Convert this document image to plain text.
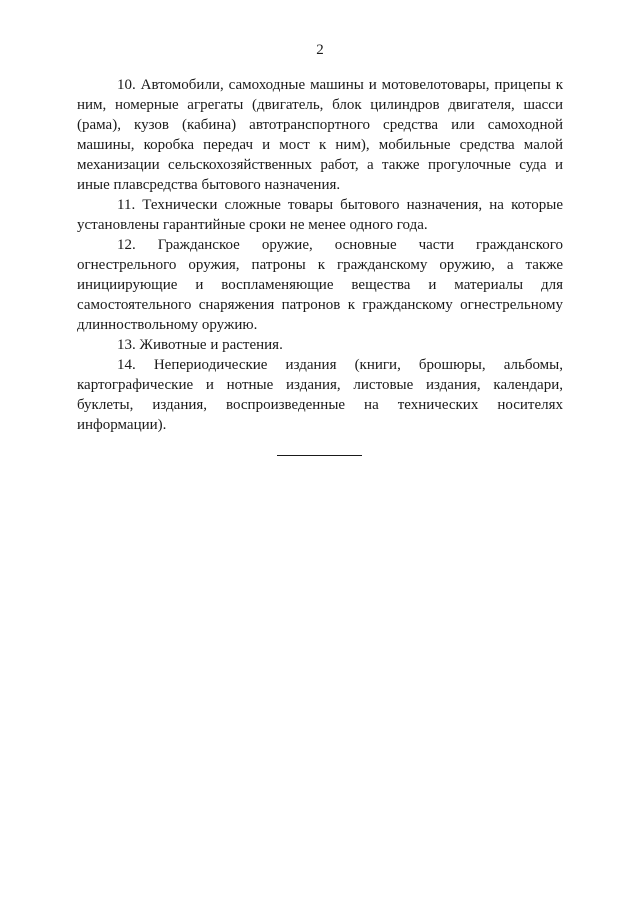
2

10. Автомобили, самоходные машины и мотовелотовары, прицепы к ним, номерные агрегаты (двигатель, блок цилиндров двигателя, шасси (рама), кузов (кабина) автотранспортного средства или самоходной машины, коробка передач и мост к ним), мобильные средства малой механизации сельскохозяйственных работ, а также прогулочные суда и иные плавсредства бытового назначения.

11. Технически сложные товары бытового назначения, на которые установлены гарантийные сроки не менее одного года.

12. Гражданское оружие, основные части гражданского огнестрельного оружия, патроны к гражданскому оружию, а также инициирующие и воспламеняющие вещества и материалы для самостоятельного снаряжения патронов к гражданскому огнестрельному длинноствольному оружию.

13. Животные и растения.

14. Непериодические издания (книги, брошюры, альбомы, картографические и нотные издания, листовые издания, календари, буклеты, издания, воспроизведенные на технических носителях информации).
